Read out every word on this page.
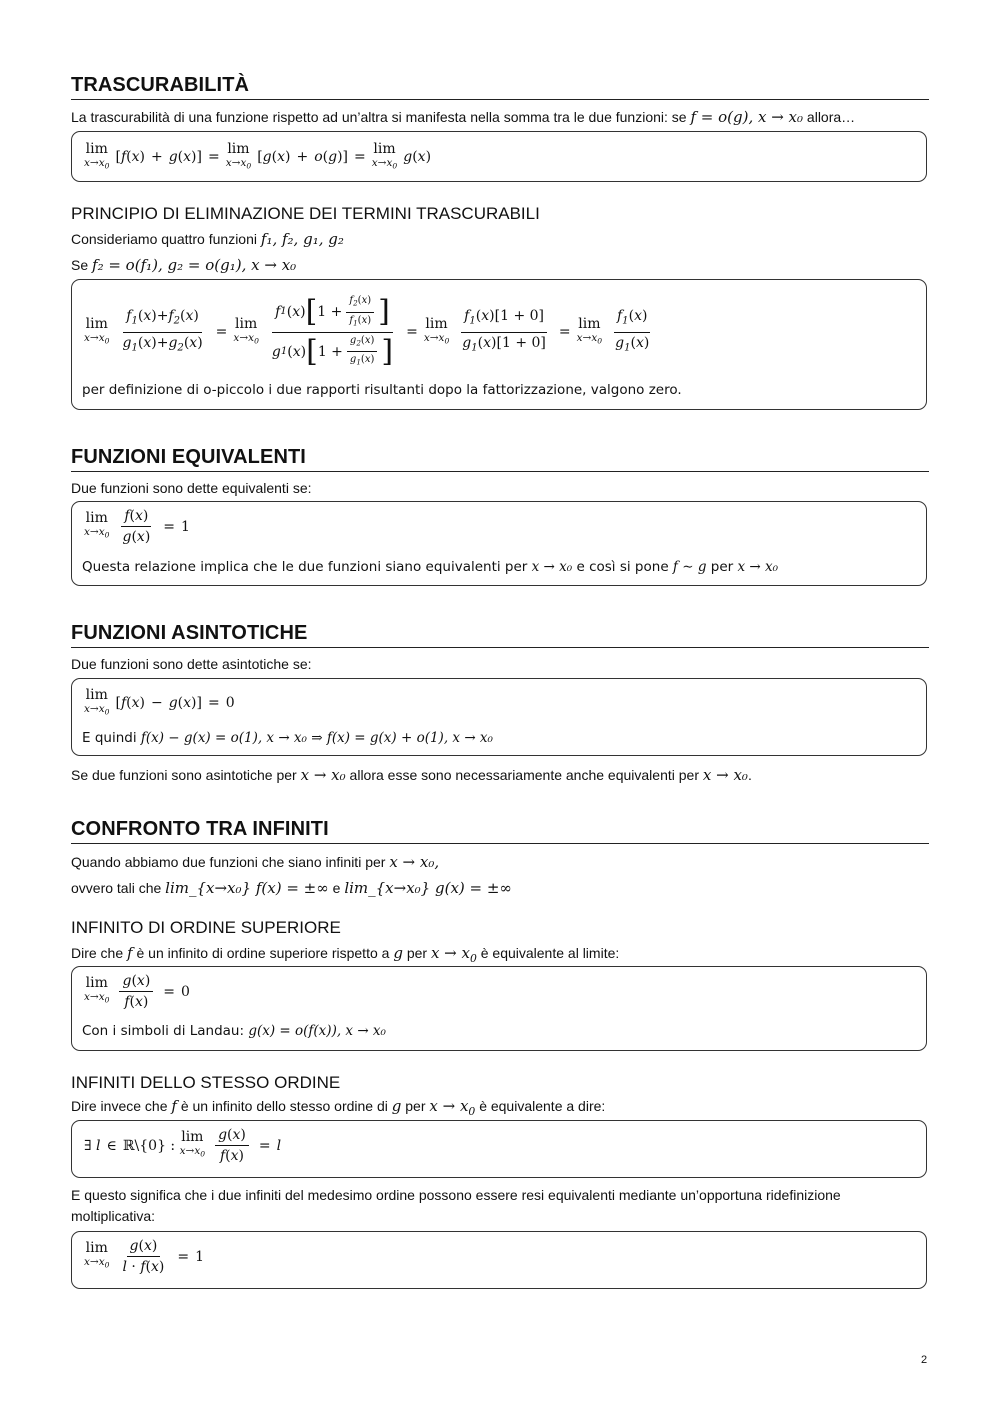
TRASCURABILITÀ
La trascurabilità di una funzione rispetto ad un’altra si manifesta nella somma tra le due funzioni: se f = o(g), x → x₀ allora…
lim
$x\to x_0$
[ f ( x ) + g ( x )] =
lim
$x\to x_0$
[ g ( x ) + o ( g )] =
lim
$x\to x_0$
g ( x )
PRINCIPIO DI ELIMINAZIONE DEI TERMINI TRASCURABILI
Consideriamo quattro funzioni f₁, f₂, g₁, g₂
Se f₂ = o(f₁), g₂ = o(g₁), x → x₀
lim
$x\to x_0 \frac{f_1(x)+f_2(x)}{g_1(x)+g_2(x)}$ =
lim
$x\to x_0 \frac{f 1 ( x ) [ 1 + \frac{f_2(x)}{f_1(x)} ]}{g 1 ( x ) [ 1 + \frac{g_2(x)}{g_1(x)} ]}$ =
lim
$x\to x_0 \frac{f_1(x)[1 + 0]}{g_1(x)[1 + 0]}$ =
lim
$x\to x_0 \frac{f_1(x)}{g_1(x)}$
per definizione di o-piccolo i due rapporti risultanti dopo la fattorizzazione, valgono zero.
FUNZIONI EQUIVALENTI
Due funzioni sono dette equivalenti se:
lim
$x\to x_0 \frac{f(x)}{g(x)} = 1$
Questa relazione implica che le due funzioni siano equivalenti per x → x₀ e così si pone f ∼ g per x → x₀
FUNZIONI ASINTOTICHE
Due funzioni sono dette asintotiche se:
lim
$x\to x_0$
[ f ( x ) − g ( x )] = 0
E quindi f(x) − g(x) = o(1), x → x₀ ⇒ f(x) = g(x) + o(1), x → x₀
Se due funzioni sono asintotiche per x → x₀ allora esse sono necessariamente anche equivalenti per x → x₀.
CONFRONTO TRA INFINITI
Quando abbiamo due funzioni che siano infiniti per x → x₀,
ovvero tali che lim_{x→x₀} f(x) = ±∞ e lim_{x→x₀} g(x) = ±∞
INFINITO DI ORDINE SUPERIORE
Dire che f è un infinito di ordine superiore rispetto a g per $x \to x_0$ è equivalente al limite:
lim
$x\to x_0 \frac{g(x)}{f(x)} = 0$
Con i simboli di Landau: g(x) = o(f(x)), x → x₀
INFINITI DELLO STESSO ORDINE
Dire invece che f è un infinito dello stesso ordine di g per $x \to x_0$ è equivalente a dire:
∃ l ∈ ℝ\{0} :
lim
$x\to x_0 \frac{g(x)}{f(x)} = l$
E questo significa che i due infiniti del medesimo ordine possono essere resi equivalenti mediante un’opportuna ridefinizione
moltiplicativa:
lim
$x\to x_0 \frac{g(x)}{l \cdot f(x)} = 1$
2
